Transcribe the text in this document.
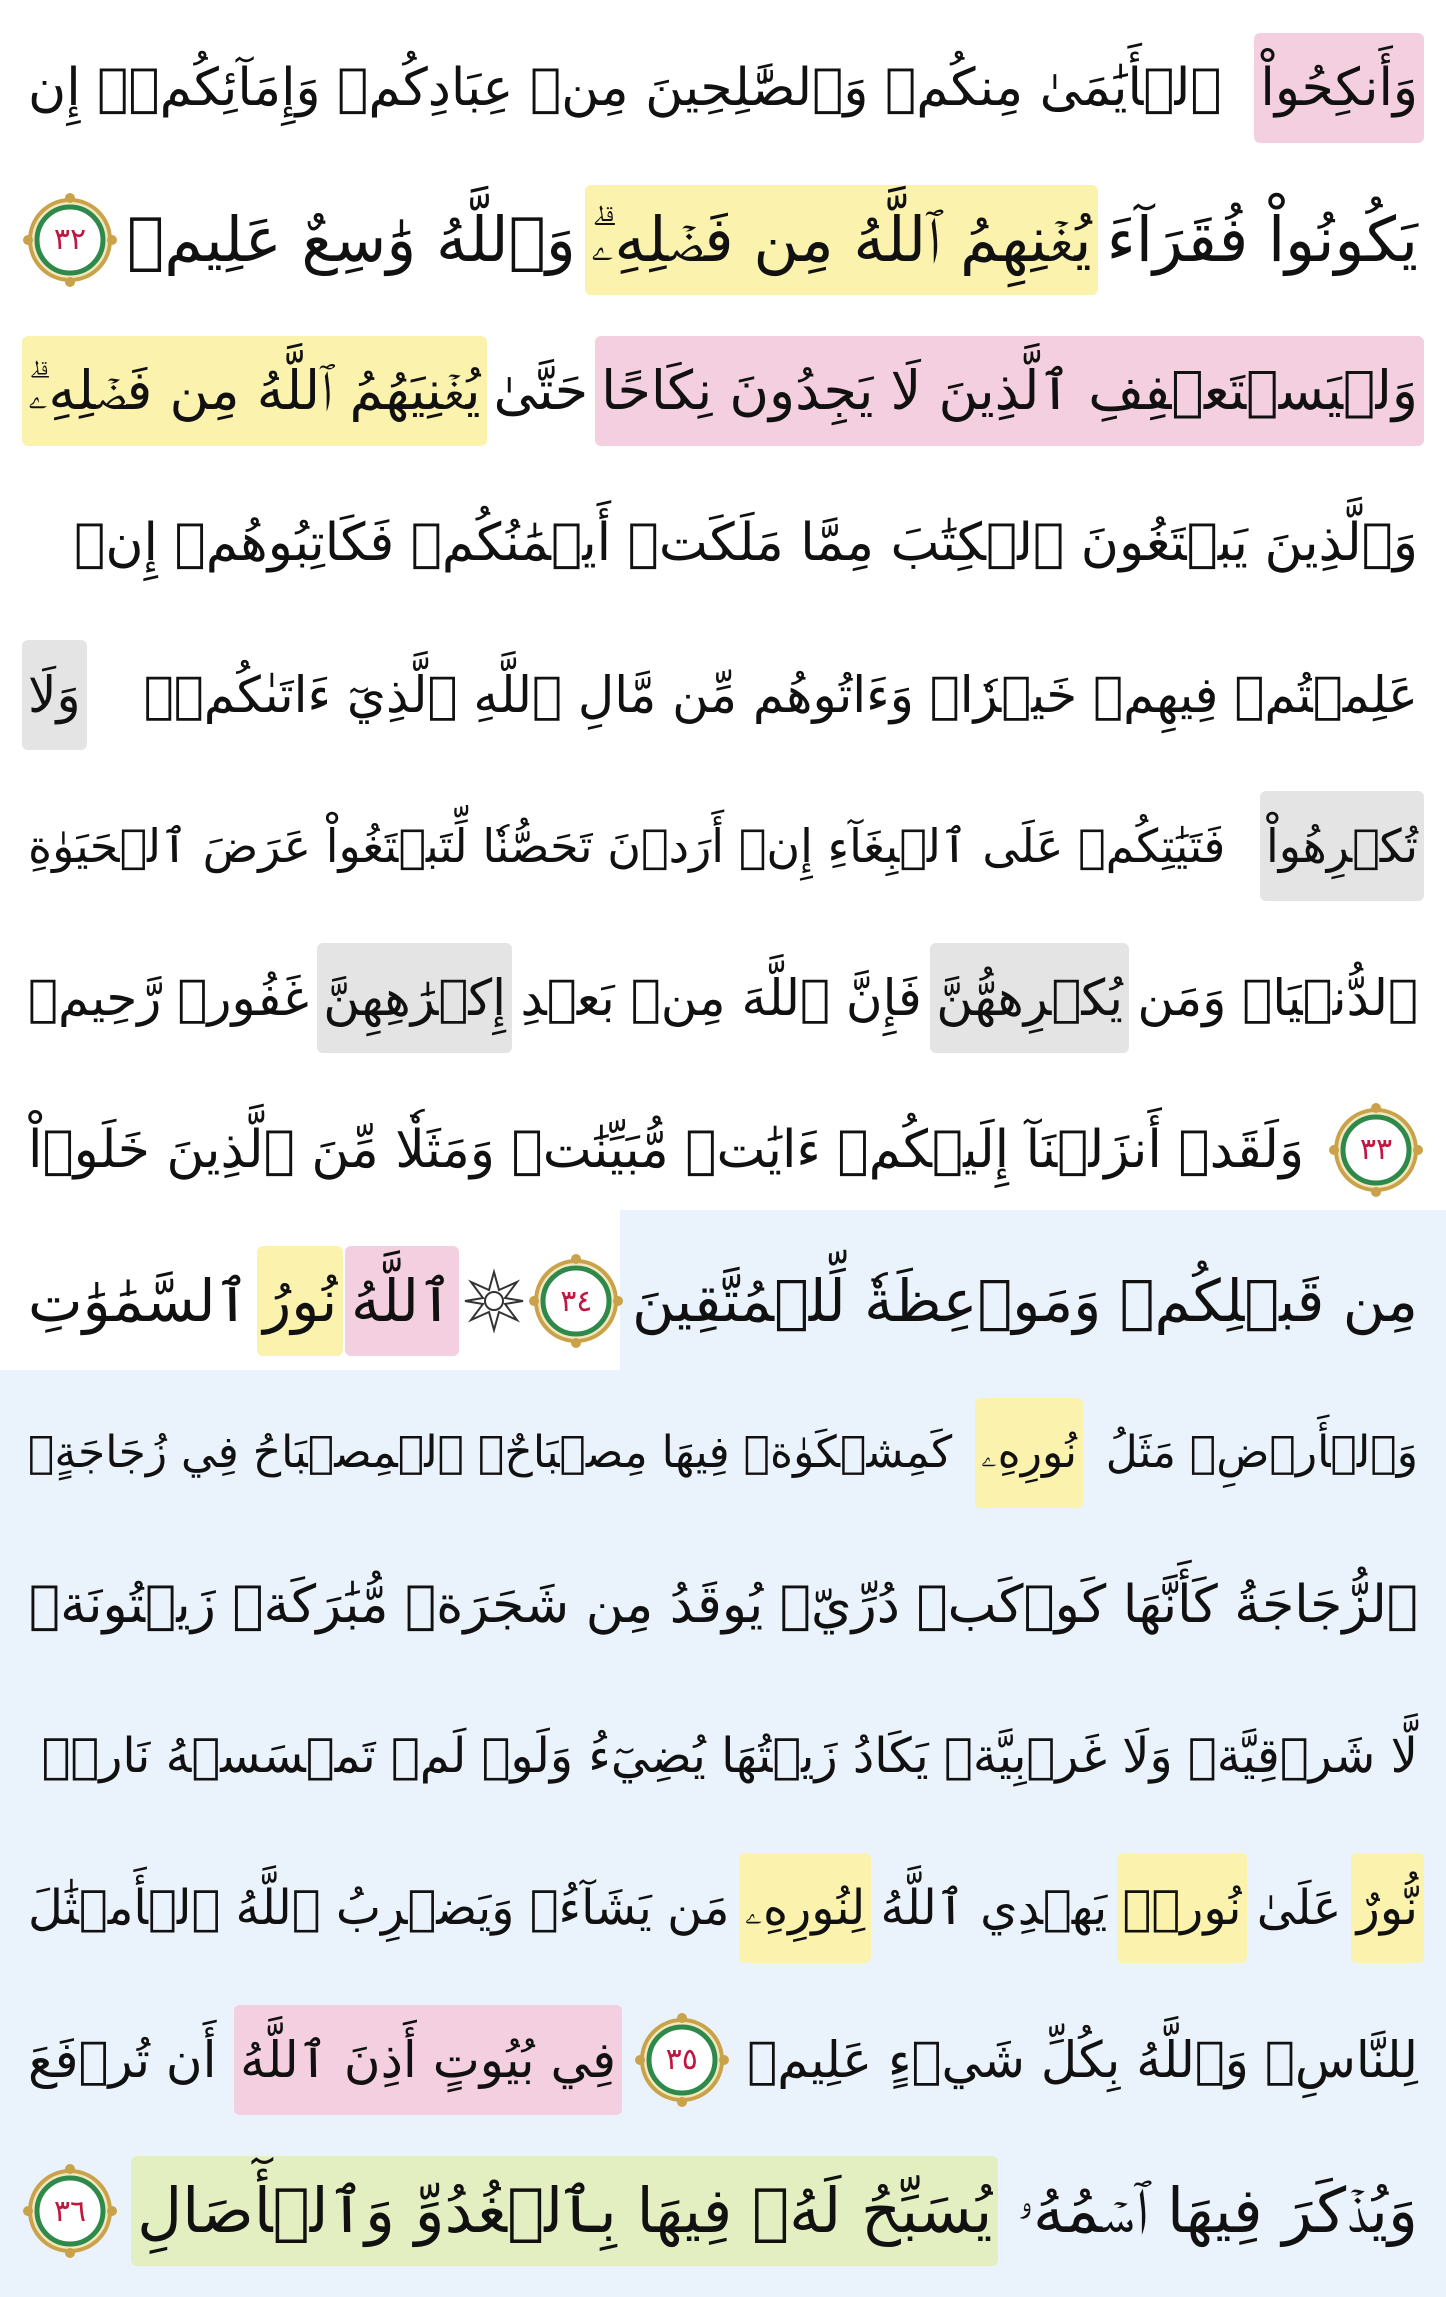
وَأَنكِحُواْ
ٱلۡأَيَٰمَىٰ مِنكُمۡ وَٱلصَّٰلِحِينَ مِنۡ عِبَادِكُمۡ وَإِمَآئِكُمۡۚ إِن
يَكُونُواْ فُقَرَآءَ
يُغۡنِهِمُ ٱللَّهُ مِن فَضۡلِهِۦۗ
وَٱللَّهُ وَٰسِعٌ عَلِيمٞ
٣٢
وَلۡيَسۡتَعۡفِفِ ٱلَّذِينَ لَا يَجِدُونَ نِكَاحًا
حَتَّىٰ
يُغۡنِيَهُمُ ٱللَّهُ مِن فَضۡلِهِۦۗ
وَٱلَّذِينَ يَبۡتَغُونَ ٱلۡكِتَٰبَ مِمَّا مَلَكَتۡ أَيۡمَٰنُكُمۡ فَكَاتِبُوهُمۡ إِنۡ
عَلِمۡتُمۡ فِيهِمۡ خَيۡرٗاۖ وَءَاتُوهُم مِّن مَّالِ ٱللَّهِ ٱلَّذِيٓ ءَاتَىٰكُمۡۚ
وَلَا
تُكۡرِهُواْ
فَتَيَٰتِكُمۡ عَلَى ٱلۡبِغَآءِ إِنۡ أَرَدۡنَ تَحَصُّنٗا لِّتَبۡتَغُواْ عَرَضَ ٱلۡحَيَوٰةِ
ٱلدُّنۡيَاۚ وَمَن
يُكۡرِههُّنَّ
فَإِنَّ ٱللَّهَ مِنۢ بَعۡدِ
إِكۡرَٰهِهِنَّ
غَفُورٞ رَّحِيمٞ
٣٣
وَلَقَدۡ أَنزَلۡنَآ إِلَيۡكُمۡ ءَايَٰتٖ مُّبَيِّنَٰتٖ وَمَثَلٗا مِّنَ ٱلَّذِينَ خَلَوۡاْ
مِن قَبۡلِكُمۡ وَمَوۡعِظَةٗ لِّلۡمُتَّقِينَ
٣٤
ٱللَّهُ
نُورُ
ٱلسَّمَٰوَٰتِ
وَٱلۡأَرۡضِۚ مَثَلُ
نُورِهِۦ
كَمِشۡكَوٰةٖ فِيهَا مِصۡبَاحٌۖ ٱلۡمِصۡبَاحُ فِي زُجَاجَةٍۖ
ٱلزُّجَاجَةُ كَأَنَّهَا كَوۡكَبٞ دُرِّيّٞ يُوقَدُ مِن شَجَرَةٖ مُّبَٰرَكَةٖ زَيۡتُونَةٖ
لَّا شَرۡقِيَّةٖ وَلَا غَرۡبِيَّةٖ يَكَادُ زَيۡتُهَا يُضِيٓءُ وَلَوۡ لَمۡ تَمۡسَسۡهُ نَارٞۚ
نُّورٌ
عَلَىٰ
نُورٖۚ
يَهۡدِي ٱللَّهُ
لِنُورِهِۦ
مَن يَشَآءُۚ وَيَضۡرِبُ ٱللَّهُ ٱلۡأَمۡثَٰلَ
لِلنَّاسِۗ وَٱللَّهُ بِكُلِّ شَيۡءٍ عَلِيمٞ
٣٥
فِي بُيُوتٍ أَذِنَ ٱللَّهُ
أَن تُرۡفَعَ
وَيُذۡكَرَ فِيهَا ٱسۡمُهُۥ
يُسَبِّحُ لَهُۥ فِيهَا بِٱلۡغُدُوِّ وَٱلۡأٓصَالِ
٣٦
